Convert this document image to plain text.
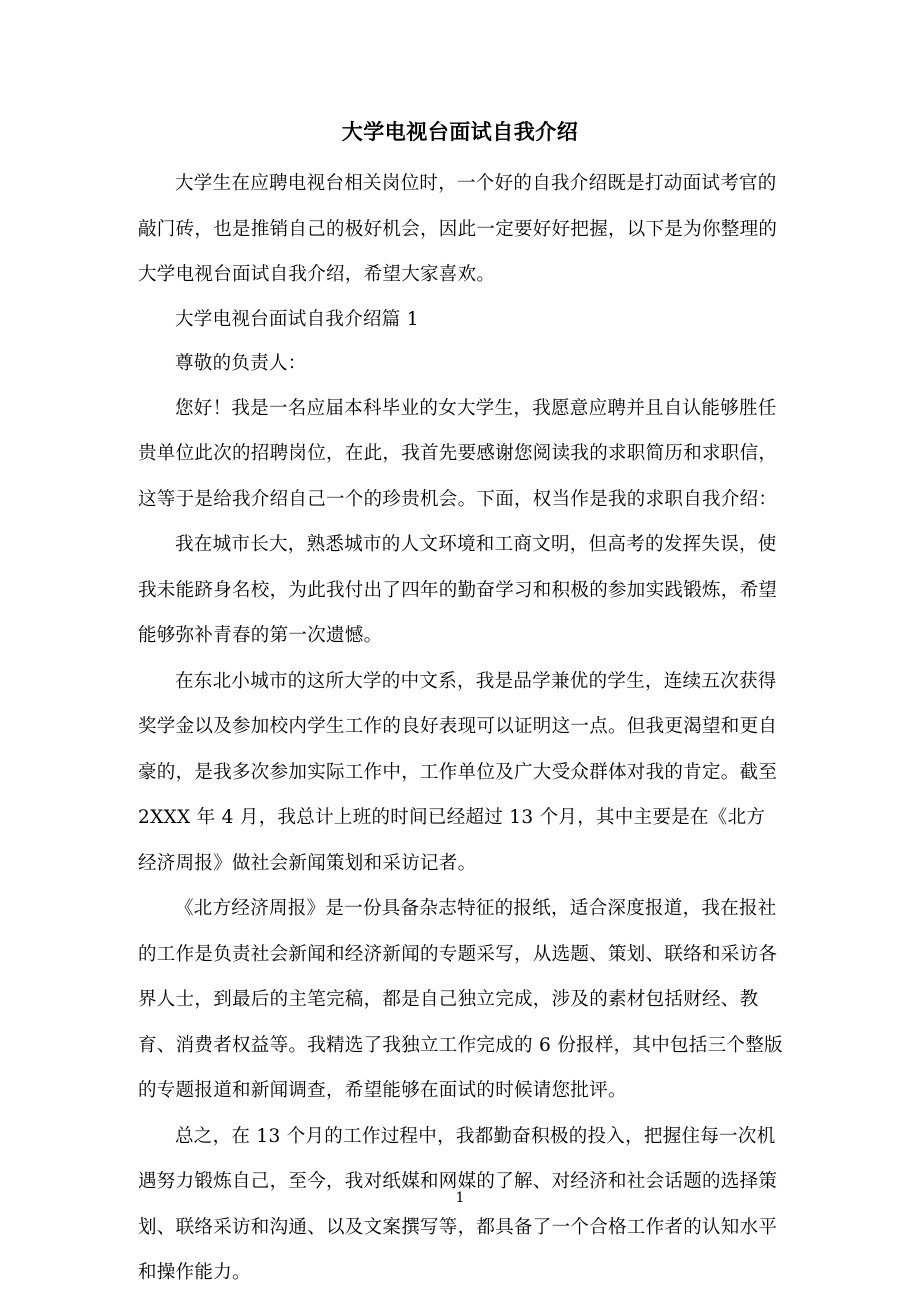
大学电视台面试自我介绍

大学生在应聘电视台相关岗位时，一个好的自我介绍既是打动面试考官的敲门砖，也是推销自己的极好机会，因此一定要好好把握，以下是为你整理的大学电视台面试自我介绍，希望大家喜欢。

大学电视台面试自我介绍篇 1

尊敬的负责人：

您好！我是一名应届本科毕业的女大学生，我愿意应聘并且自认能够胜任贵单位此次的招聘岗位，在此，我首先要感谢您阅读我的求职简历和求职信，这等于是给我介绍自己一个的珍贵机会。下面，权当作是我的求职自我介绍：

我在城市长大，熟悉城市的人文环境和工商文明，但高考的发挥失误，使我未能跻身名校，为此我付出了四年的勤奋学习和积极的参加实践锻炼，希望能够弥补青春的第一次遗憾。

在东北小城市的这所大学的中文系，我是品学兼优的学生，连续五次获得奖学金以及参加校内学生工作的良好表现可以证明这一点。但我更渴望和更自豪的，是我多次参加实际工作中，工作单位及广大受众群体对我的肯定。截至 2XXX 年 4 月，我总计上班的时间已经超过 13 个月，其中主要是在《北方经济周报》做社会新闻策划和采访记者。

《北方经济周报》是一份具备杂志特征的报纸，适合深度报道，我在报社的工作是负责社会新闻和经济新闻的专题采写，从选题、策划、联络和采访各界人士，到最后的主笔完稿，都是自己独立完成，涉及的素材包括财经、教育、消费者权益等。我精选了我独立工作完成的 6 份报样，其中包括三个整版的专题报道和新闻调查，希望能够在面试的时候请您批评。

总之，在 13 个月的工作过程中，我都勤奋积极的投入，把握住每一次机遇努力锻炼自己，至今，我对纸媒和网媒的了解、对经济和社会话题的选择策划、联络采访和沟通、以及文案撰写等，都具备了一个合格工作者的认知水平和操作能力。

1
